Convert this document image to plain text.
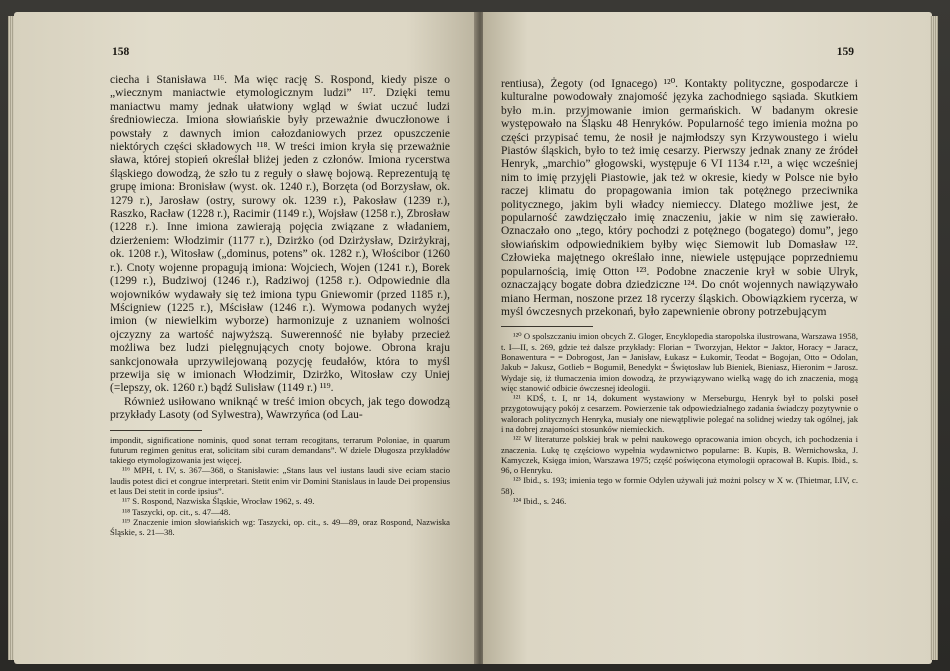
158

ciecha i Stanisława ¹¹⁶. Ma więc rację S. Rospond, kiedy pisze o „wiecznym maniactwie etymologicznym ludzi” ¹¹⁷. Dzięki temu maniactwu mamy jednak ułatwiony wgląd w świat uczuć ludzi średniowiecza. Imiona słowiańskie były przeważnie dwuczłonowe i powstały z dawnych imion całozdaniowych przez opuszczenie niektórych części składowych ¹¹⁸. W treści imion kryła się przeważnie sława, której stopień określał bliżej jeden z członów. Imiona rycerstwa śląskiego dowodzą, że szło tu z reguły o sławę bojową. Reprezentują tę grupę imiona: Bronisław (wyst. ok. 1240 r.), Borzęta (od Borzysław, ok. 1279 r.), Jarosław (ostry, surowy ok. 1239 r.), Pakosław (1239 r.), Raszko, Racław (1228 r.), Racimir (1149 r.), Wojsław (1258 r.), Zbrosław (1228 r.). Inne imiona zawierają pojęcia związane z władaniem, dzierżeniem: Włodzimir (1177 r.), Dzirżko (od Dzirżysław, Dzirżykraj, ok. 1208 r.), Witosław („dominus, potens” ok. 1282 r.), Włościbor (1260 r.). Cnoty wojenne propagują imiona: Wojciech, Wojen (1241 r.), Borek (1299 r.), Budziwoj (1246 r.), Radziwoj (1258 r.). Odpowiednie dla wojowników wydawały się też imiona typu Gniewomir (przed 1185 r.), Mścigniew (1225 r.), Mścisław (1246 r.). Wymowa podanych wyżej imion (w niewielkim wyborze) harmonizuje z uznaniem wolności ojczyzny za wartość najwyższą. Suwerenność nie byłaby przecież możliwa bez ludzi pielęgnujących cnoty bojowe. Obrona kraju sankcjonowała uprzywilejowaną pozycję feudałów, która to myśl przewija się w imionach Włodzimir, Dzirżko, Witosław czy Uniej (=lepszy, ok. 1260 r.) bądź Sulisław (1149 r.) ¹¹⁹.

Również usiłowano wniknąć w treść imion obcych, jak tego dowodzą przykłady Lasoty (od Sylwestra), Wawrzyńca (od Lau-

impondit, significatione nominis, quod sonat terram recogitans, terrarum Poloniae, in quarum futurum regimen genitus erat, solicitam sibi curam demandans”. W dziele Długosza przykładów takiego etymologizowania jest więcej.

¹¹⁶ MPH, t. IV, s. 367—368, o Stanisławie: „Stans laus vel iustans laudi sive eciam stacio laudis potest dici et congrue interpretari. Stetit enim vir Domini Stanislaus in laude Dei propensius et laus Dei stetit in corde ipsius”.

¹¹⁷ S. Rospond, Nazwiska Śląskie, Wrocław 1962, s. 49.

¹¹⁸ Taszycki, op. cit., s. 47—48.

¹¹⁹ Znaczenie imion słowiańskich wg: Taszycki, op. cit., s. 49—89, oraz Rospond, Nazwiska Śląskie, s. 21—38.

159

rentiusa), Żegoty (od Ignacego) ¹²⁰. Kontakty polityczne, gospodarcze i kulturalne powodowały znajomość języka zachodniego sąsiada. Skutkiem było m.in. przyjmowanie imion germańskich. W badanym okresie występowało na Śląsku 48 Henryków. Popularność tego imienia można po części przypisać temu, że nosił je najmłodszy syn Krzywoustego i wielu Piastów śląskich, było to też imię cesarzy. Pierwszy jednak znany ze źródeł Henryk, „marchio” głogowski, występuje 6 VI 1134 r.¹²¹, a więc wcześniej nim to imię przyjęli Piastowie, jak też w okresie, kiedy w Polsce nie było raczej klimatu do propagowania imion tak potężnego przeciwnika politycznego, jakim byli władcy niemieccy. Dlatego możliwe jest, że popularność zawdzięczało imię znaczeniu, jakie w nim się zawierało. Oznaczało ono „tego, który pochodzi z potężnego (bogatego) domu”, jego słowiańskim odpowiednikiem byłby więc Siemowit lub Domasław ¹²². Człowieka majętnego określało inne, niewiele ustępujące poprzedniemu popularnością, imię Otton ¹²³. Podobne znaczenie krył w sobie Ulryk, oznaczający bogate dobra dziedziczne ¹²⁴. Do cnót wojennych nawiązywało miano Herman, noszone przez 18 rycerzy śląskich. Obowiązkiem rycerza, w myśl ówczesnych przekonań, było zapewnienie obrony potrzebującym

¹²⁰ O spolszczaniu imion obcych Z. Gloger, Encyklopedia staropolska ilustrowana, Warszawa 1958, t. I—II, s. 269, gdzie też dalsze przykłady: Florian = Tworzyjan, Hektor = Jaktor, Horacy = Jaracz, Bonawentura = = Dobrogost, Jan = Janisław, Łukasz = Łukomir, Teodat = Bogojan, Otto = Odolan, Jakub = Jakusz, Gotlieb = Bogumił, Benedykt = Świętosław lub Bieniek, Bieniasz, Hieronim = Jarosz. Wydaje się, iż tłumaczenia imion dowodzą, że przywiązywano wielką wagę do ich znaczenia, mogą więc stanowić odbicie ówczesnej ideologii.

¹²¹ KDŚ, t. I, nr 14, dokument wystawiony w Merseburgu, Henryk był to polski poseł przygotowujący pokój z cesarzem. Powierzenie tak odpowiedzialnego zadania świadczy pozytywnie o walorach politycznych Henryka, musiały one niewątpliwie polegać na solidnej wiedzy tak ogólnej, jak i na dobrej znajomości stosunków niemieckich.

¹²² W literaturze polskiej brak w pełni naukowego opracowania imion obcych, ich pochodzenia i znaczenia. Lukę tę częściowo wypełnia wydawnictwo popularne: B. Kupis, B. Wernichowska, J. Kamyczek, Księga imion, Warszawa 1975; część poświęcona etymologii opracował B. Kupis. Ibid., s. 96, o Henryku.

¹²³ Ibid., s. 193; imienia tego w formie Odylen używali już możni polscy w X w. (Thietmar, I.IV, c. 58).

¹²⁴ Ibid., s. 246.
